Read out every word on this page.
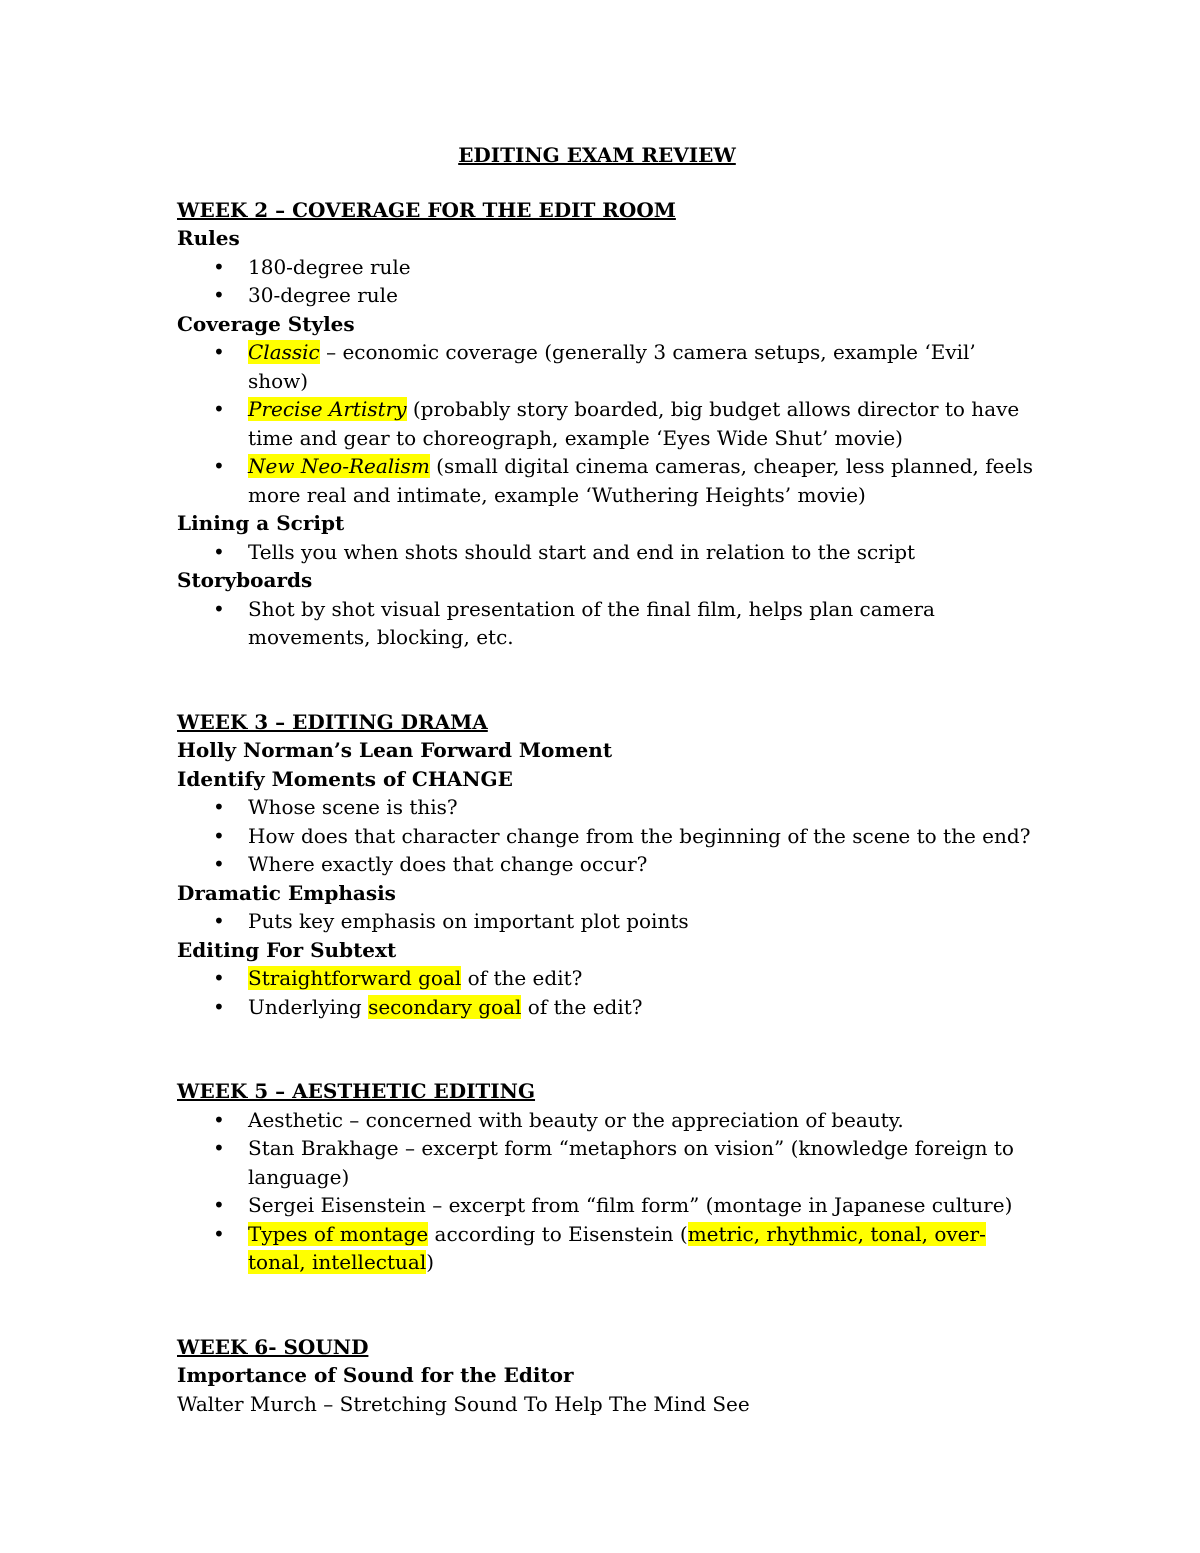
EDITING EXAM REVIEW
WEEK 2 – COVERAGE FOR THE EDIT ROOM
Rules
• 180-degree rule
• 30-degree rule
Coverage Styles
• Classic – economic coverage (generally 3 camera setups, example ‘Evil’ show)
• Precise Artistry (probably story boarded, big budget allows director to have time and gear to choreograph, example ‘Eyes Wide Shut’ movie)
• New Neo-Realism (small digital cinema cameras, cheaper, less planned, feels more real and intimate, example ‘Wuthering Heights’ movie)
Lining a Script
• Tells you when shots should start and end in relation to the script
Storyboards
• Shot by shot visual presentation of the final film, helps plan camera movements, blocking, etc.
WEEK 3 – EDITING DRAMA
Holly Norman’s Lean Forward Moment
Identify Moments of CHANGE
• Whose scene is this?
• How does that character change from the beginning of the scene to the end?
• Where exactly does that change occur?
Dramatic Emphasis
• Puts key emphasis on important plot points
Editing For Subtext
• Straightforward goal of the edit?
• Underlying secondary goal of the edit?
WEEK 5 – AESTHETIC EDITING
• Aesthetic – concerned with beauty or the appreciation of beauty.
• Stan Brakhage – excerpt form “metaphors on vision” (knowledge foreign to language)
• Sergei Eisenstein – excerpt from “film form” (montage in Japanese culture)
• Types of montage according to Eisenstein (metric, rhythmic, tonal, over-tonal, intellectual)
WEEK 6- SOUND
Importance of Sound for the Editor
Walter Murch – Stretching Sound To Help The Mind See
